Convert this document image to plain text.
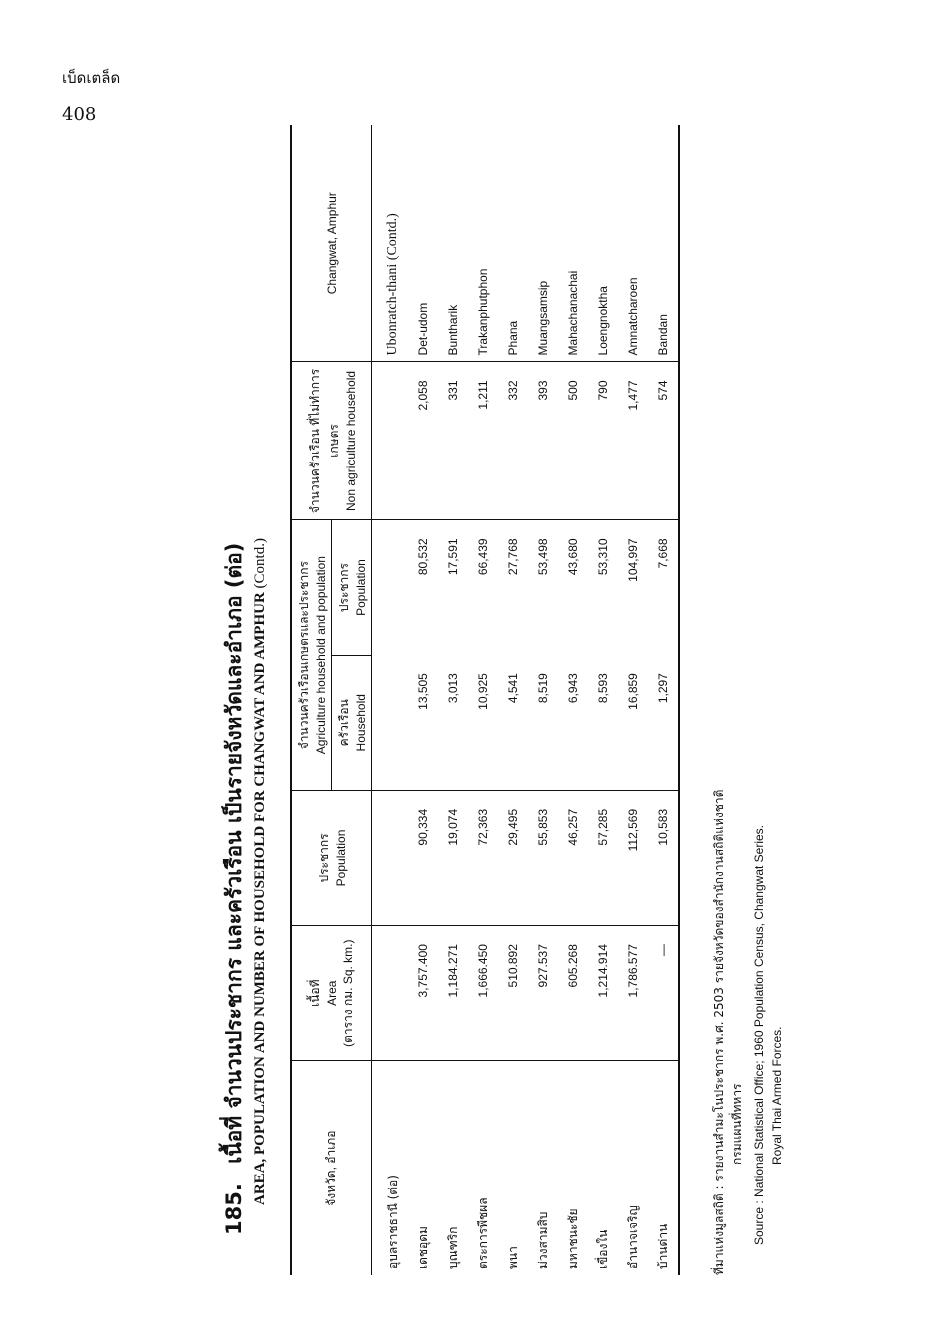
เบ็ดเตล็ด
408
185. เนื้อที่ จำนวนประชากร และครัวเรือน เป็นรายจังหวัดและอำเภอ (ต่อ) AREA, POPULATION AND NUMBER OF HOUSEHOLD FOR CHANGWAT AND AMPHUR (Contd.)
จังหวัด, อำเภอ	เนื้อที่ Area (ตาราง กม. Sq. km.)	ประชากร Population	จำนวนครัวเรือนเกษตรและประชากร Agriculture household and population		จำนวนครัวเรือน ที่ไม่ทำการเกษตร Non agriculture household	Changwat, Amphur

			ครัวเรือน Household	ประชากร Population		

อุบลราชธานี (ต่อ)						Ubonratch-thani (Contd.)
เดชอุดม	3,757.400	90,334	13,505	80,532	2,058	Det-udom
บุณฑริก	1,184.271	19,074	3,013	17,591	331	Buntharik
ตระการพืชผล	1,666.450	72,363	10,925	66,439	1,211	Trakanphutphon
พนา	510.892	29,495	4,541	27,768	332	Phana
ม่วงสามสิบ	927.537	55,853	8,519	53,498	393	Muangsamsip
มหาชนะชัย	605.268	46,257	6,943	43,680	500	Mahachanachai
เขื่องใน	1,214.914	57,285	8,593	53,310	790	Loengnoktha
อำนาจเจริญ	1,786.577	112,569	16,859	104,997	1,477	Amnatcharoen
บ้านด่าน	—	10,583	1,297	7,668	574	Bandan
ที่มาแห่งมูลสถิติ : รายงานสำมะโนประชากร พ.ศ. 2503 รายจังหวัดของสำนักงานสถิติแห่งชาติ กรมแผนที่ทหาร Source : National Statistical Office; 1960 Population Census, Changwat Series. Royal Thai Armed Forces.
